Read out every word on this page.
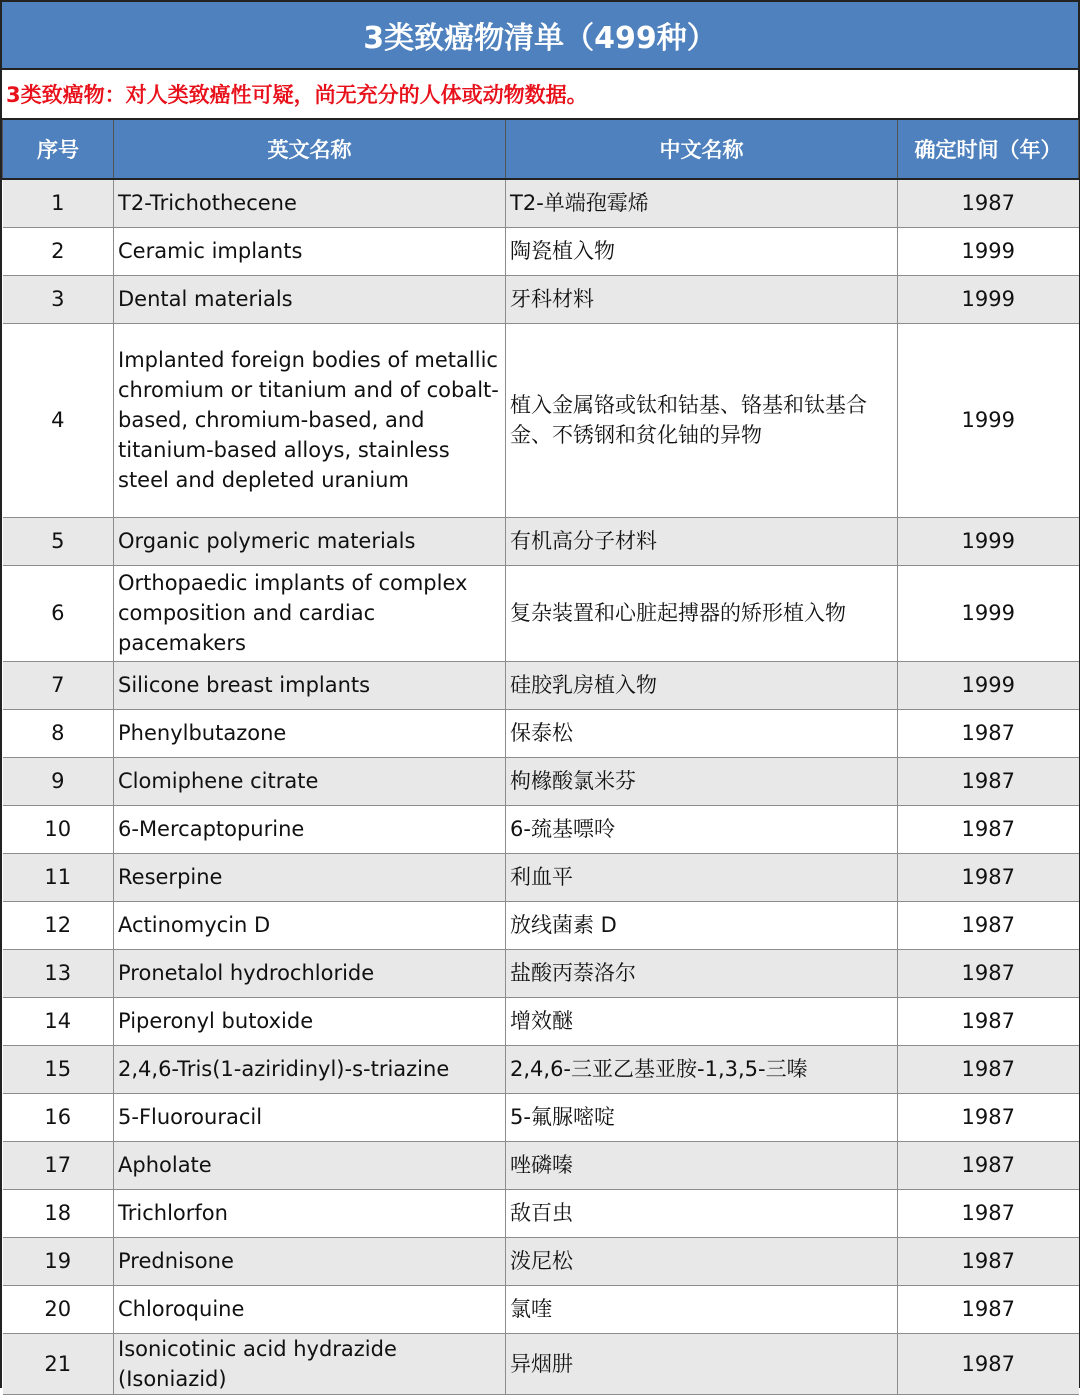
3类致癌物清单（499种）
3类致癌物：对人类致癌性可疑，尚无充分的人体或动物数据。
序号	英文名称	中文名称	确定时间（年）
1	T2-Trichothecene	T2-单端孢霉烯	1987
2	Ceramic implants	陶瓷植入物	1999
3	Dental materials	牙科材料	1999
4	Implanted foreign bodies of metallic chromium or titanium and of cobalt-based, chromium-based, and titanium-based alloys, stainless steel and depleted uranium	植入金属铬或钛和钴基、铬基和钛基合金、不锈钢和贫化铀的异物	1999
5	Organic polymeric materials	有机高分子材料	1999
6	Orthopaedic implants of complex composition and cardiac pacemakers	复杂装置和心脏起搏器的矫形植入物	1999
7	Silicone breast implants	硅胶乳房植入物	1999
8	Phenylbutazone	保泰松	1987
9	Clomiphene citrate	枸橼酸氯米芬	1987
10	6-Mercaptopurine	6-巯基嘌呤	1987
11	Reserpine	利血平	1987
12	Actinomycin D	放线菌素 D	1987
13	Pronetalol hydrochloride	盐酸丙萘洛尔	1987
14	Piperonyl butoxide	增效醚	1987
15	2,4,6-Tris(1-aziridinyl)-s-triazine	2,4,6-三亚乙基亚胺-1,3,5-三嗪	1987
16	5-Fluorouracil	5-氟脲嘧啶	1987
17	Apholate	唑磷嗪	1987
18	Trichlorfon	敌百虫	1987
19	Prednisone	泼尼松	1987
20	Chloroquine	氯喹	1987
21	Isonicotinic acid hydrazide (Isoniazid)	异烟肼	1987
